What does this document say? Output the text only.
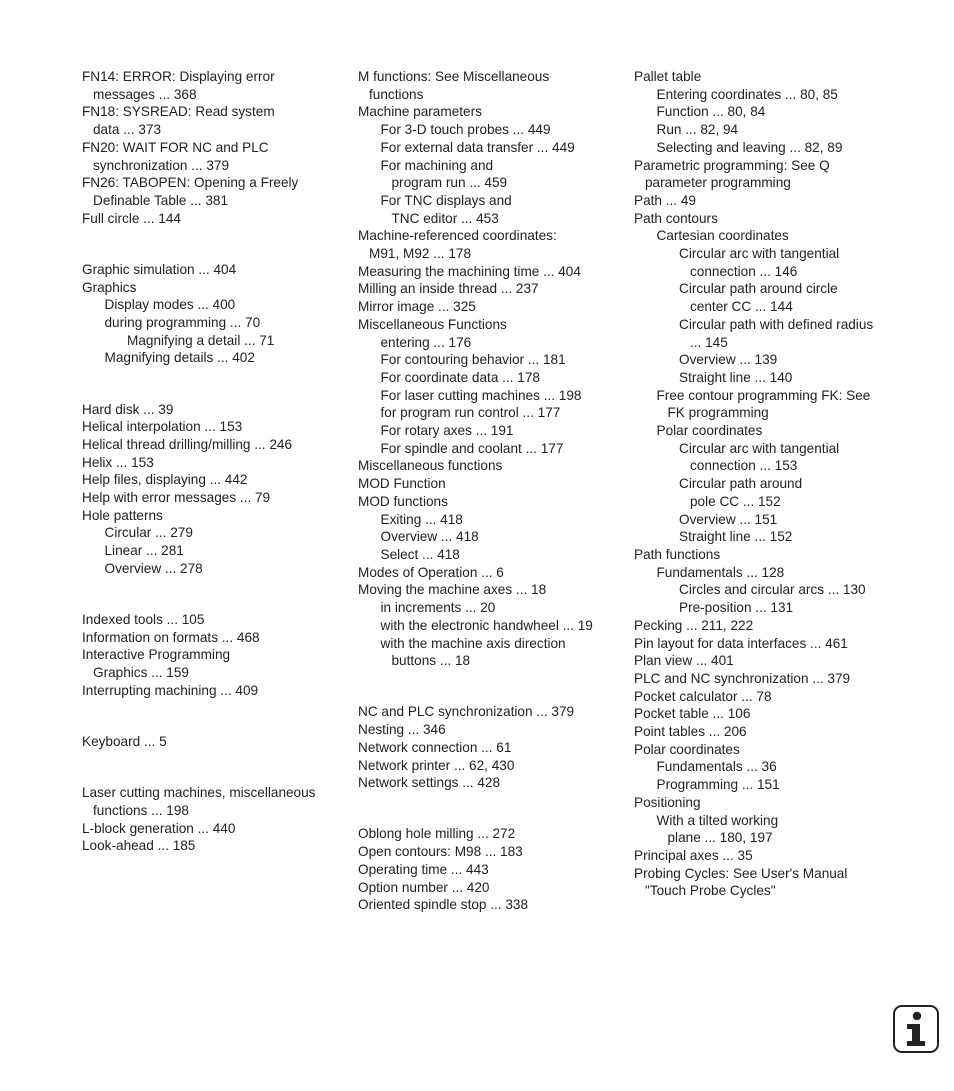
FN14: ERROR: Displaying error
messages ... 368
FN18: SYSREAD: Read system
data ... 373
FN20: WAIT FOR NC and PLC
synchronization ... 379
FN26: TABOPEN: Opening a Freely
Definable Table ... 381
Full circle ... 144
Graphic simulation ... 404
Graphics
Display modes ... 400
during programming ... 70
Magnifying a detail ... 71
Magnifying details ... 402
Hard disk ... 39
Helical interpolation ... 153
Helical thread drilling/milling ... 246
Helix ... 153
Help files, displaying ... 442
Help with error messages ... 79
Hole patterns
Circular ... 279
Linear ... 281
Overview ... 278
Indexed tools ... 105
Information on formats ... 468
Interactive Programming
Graphics ... 159
Interrupting machining ... 409
Keyboard ... 5
Laser cutting machines, miscellaneous
functions ... 198
L-block generation ... 440
Look-ahead ... 185
M functions: See Miscellaneous
functions
Machine parameters
For 3-D touch probes ... 449
For external data transfer ... 449
For machining and
program run ... 459
For TNC displays and
TNC editor ... 453
Machine-referenced coordinates:
M91, M92 ... 178
Measuring the machining time ... 404
Milling an inside thread ... 237
Mirror image ... 325
Miscellaneous Functions
entering ... 176
For contouring behavior ... 181
For coordinate data ... 178
For laser cutting machines ... 198
for program run control ... 177
For rotary axes ... 191
For spindle and coolant ... 177
Miscellaneous functions
MOD Function
MOD functions
Exiting ... 418
Overview ... 418
Select ... 418
Modes of Operation ... 6
Moving the machine axes ... 18
in increments ... 20
with the electronic handwheel ... 19
with the machine axis direction
buttons ... 18
NC and PLC synchronization ... 379
Nesting ... 346
Network connection ... 61
Network printer ... 62, 430
Network settings ... 428
Oblong hole milling ... 272
Open contours: M98 ... 183
Operating time ... 443
Option number ... 420
Oriented spindle stop ... 338
Pallet table
Entering coordinates ... 80, 85
Function ... 80, 84
Run ... 82, 94
Selecting and leaving ... 82, 89
Parametric programming: See Q
parameter programming
Path ... 49
Path contours
Cartesian coordinates
Circular arc with tangential
connection ... 146
Circular path around circle
center CC ... 144
Circular path with defined radius
... 145
Overview ... 139
Straight line ... 140
Free contour programming FK: See
FK programming
Polar coordinates
Circular arc with tangential
connection ... 153
Circular path around
pole CC ... 152
Overview ... 151
Straight line ... 152
Path functions
Fundamentals ... 128
Circles and circular arcs ... 130
Pre-position ... 131
Pecking ... 211, 222
Pin layout for data interfaces ... 461
Plan view ... 401
PLC and NC synchronization ... 379
Pocket calculator ... 78
Pocket table ... 106
Point tables ... 206
Polar coordinates
Fundamentals ... 36
Programming ... 151
Positioning
With a tilted working
plane ... 180, 197
Principal axes ... 35
Probing Cycles: See User's Manual
"Touch Probe Cycles"
